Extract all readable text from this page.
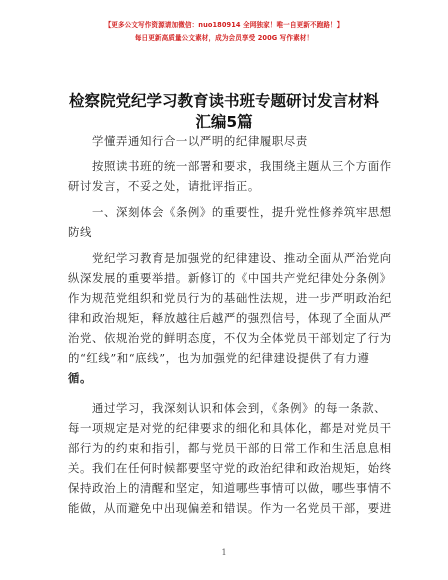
【更多公文写作资源请加微信：nuo180914 全网独家！唯一自更新不跑路！】
每日更新高质量公文素材，成为会员享受 200G 写作素材！
检察院党纪学习教育读书班专题研讨发言材料
汇编5篇
学懂弄通知行合一以严明的纪律履职尽责
按照读书班的统一部署和要求，我围绕主题从三个方面作
研讨发言，不妥之处，请批评指正。
一、深刻体会《条例》的重要性，提升党性修养筑牢思想
防线
党纪学习教育是加强党的纪律建设、推动全面从严治党向
纵深发展的重要举措。新修订的《中国共产党纪律处分条例》
作为规范党组织和党员行为的基础性法规，进一步严明政治纪
律和政治规矩，释放越往后越严的强烈信号，体现了全面从严
治党、依规治党的鲜明态度，不仅为全体党员干部划定了行为
的“红线”和“底线”，也为加强党的纪律建设提供了有力遵
循。
通过学习，我深刻认识和体会到，《条例》的每一条款、
每一项规定是对党的纪律要求的细化和具体化，都是对党员干
部行为的约束和指引，都与党员干部的日常工作和生活息息相
关。我们在任何时候都要坚守党的政治纪律和政治规矩，始终
保持政治上的清醒和坚定，知道哪些事情可以做，哪些事情不
能做，从而避免中出现偏差和错误。作为一名党员干部，要进
1
